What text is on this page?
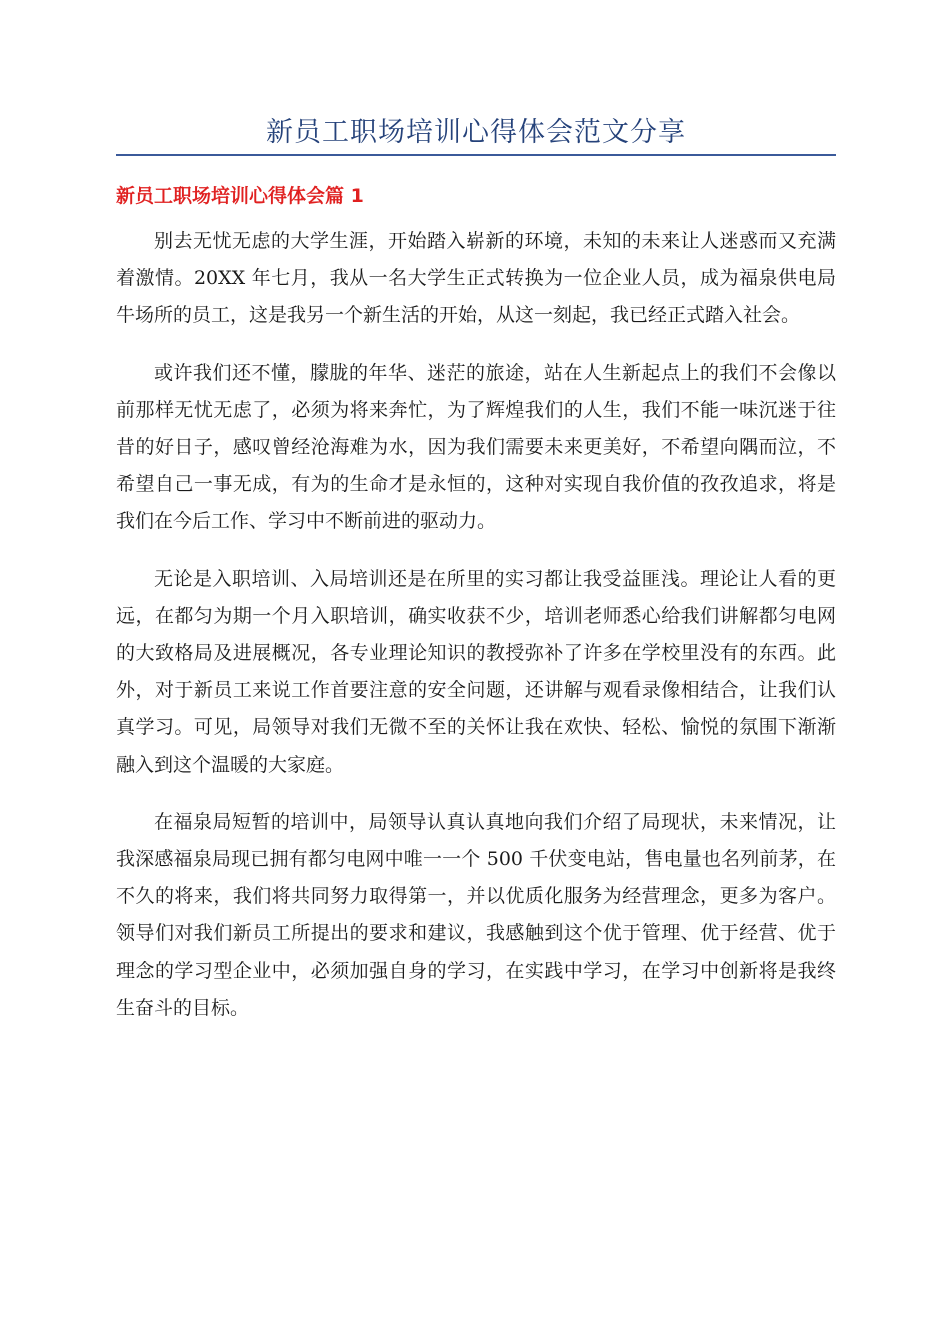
新员工职场培训心得体会范文分享
新员工职场培训心得体会篇 1

别去无忧无虑的大学生涯，开始踏入崭新的环境，未知的未来让人迷惑而又充满着激情。20XX 年七月，我从一名大学生正式转换为一位企业人员，成为福泉供电局牛场所的员工，这是我另一个新生活的开始，从这一刻起，我已经正式踏入社会。

或许我们还不懂，朦胧的年华、迷茫的旅途，站在人生新起点上的我们不会像以前那样无忧无虑了，必须为将来奔忙，为了辉煌我们的人生，我们不能一味沉迷于往昔的好日子，感叹曾经沧海难为水，因为我们需要未来更美好，不希望向隅而泣，不希望自己一事无成，有为的生命才是永恒的，这种对实现自我价值的孜孜追求，将是我们在今后工作、学习中不断前进的驱动力。

无论是入职培训、入局培训还是在所里的实习都让我受益匪浅。理论让人看的更远，在都匀为期一个月入职培训，确实收获不少，培训老师悉心给我们讲解都匀电网的大致格局及进展概况，各专业理论知识的教授弥补了许多在学校里没有的东西。此外，对于新员工来说工作首要注意的安全问题，还讲解与观看录像相结合，让我们认真学习。可见，局领导对我们无微不至的关怀让我在欢快、轻松、愉悦的氛围下渐渐融入到这个温暖的大家庭。

在福泉局短暂的培训中，局领导认真认真地向我们介绍了局现状，未来情况，让我深感福泉局现已拥有都匀电网中唯一一个 500 千伏变电站，售电量也名列前茅，在不久的将来，我们将共同努力取得第一，并以优质化服务为经营理念，更多为客户。领导们对我们新员工所提出的要求和建议，我感触到这个优于管理、优于经营、优于理念的学习型企业中，必须加强自身的学习，在实践中学习，在学习中创新将是我终生奋斗的目标。
